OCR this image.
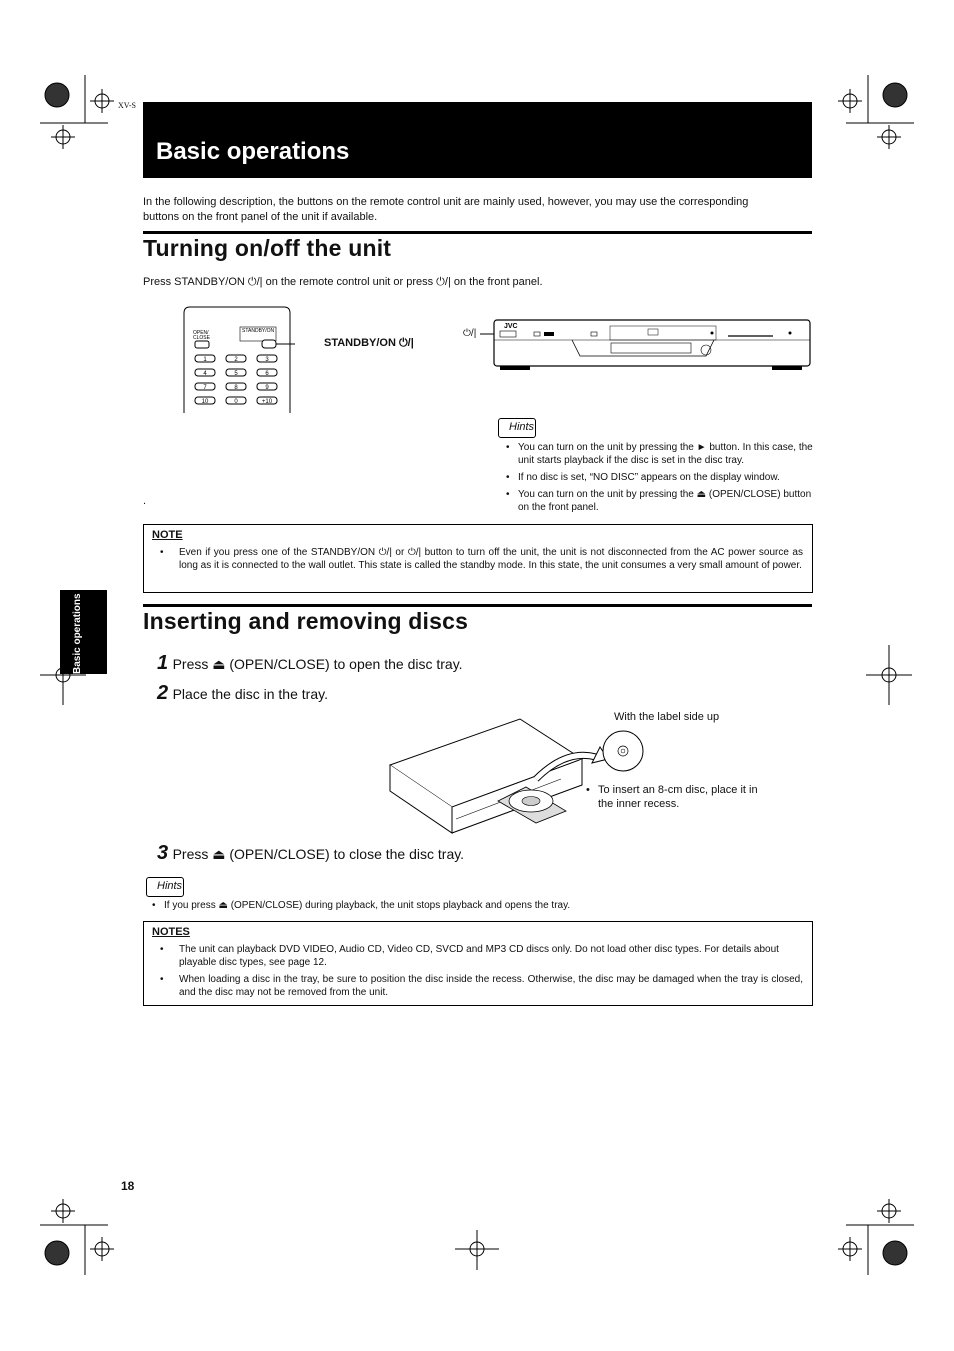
XV-S
Basic operations
In the following description, the buttons on the remote control unit are mainly used, however, you may use the corresponding buttons on the front panel of the unit if available.
Turning on/off the unit
Press STANDBY/ON ⏻/| on the remote control unit or press ⏻/| on the front panel.
OPEN/
CLOSE
STANDBY/ON
1	2	3
4	5	6
7	8	9
10	0	+10
STANDBY/ON ⏻/|
⏻/|
JVC
Hints
• You can turn on the unit by pressing the ► button. In this case, the unit starts playback if the disc is set in the disc tray.
• If no disc is set, “NO DISC” appears on the display window.
• You can turn on the unit by pressing the ⏏ (OPEN/CLOSE) button on the front panel.
.
NOTE
• Even if you press one of the STANDBY/ON ⏻/| or ⏻/| button to turn off the unit, the unit is not disconnected from the AC power source as long as it is connected to the wall outlet. This state is called the standby mode. In this state, the unit consumes a very small amount of power.
Basic operations	Inserting and removing discs
1 Press ⏏ (OPEN/CLOSE) to open the disc tray.
2 Place the disc in the tray.
With the label side up
• To insert an 8-cm disc, place it in the inner recess.
3 Press ⏏ (OPEN/CLOSE) to close the disc tray.
Hints
• If you press ⏏ (OPEN/CLOSE) during playback, the unit stops playback and opens the tray.
NOTES
• The unit can playback DVD VIDEO, Audio CD, Video CD, SVCD and MP3 CD discs only. Do not load other disc types. For details about playable disc types, see page 12.
• When loading a disc in the tray, be sure to position the disc inside the recess. Otherwise, the disc may be damaged when the tray is closed, and the disc may not be removed from the unit.
18
